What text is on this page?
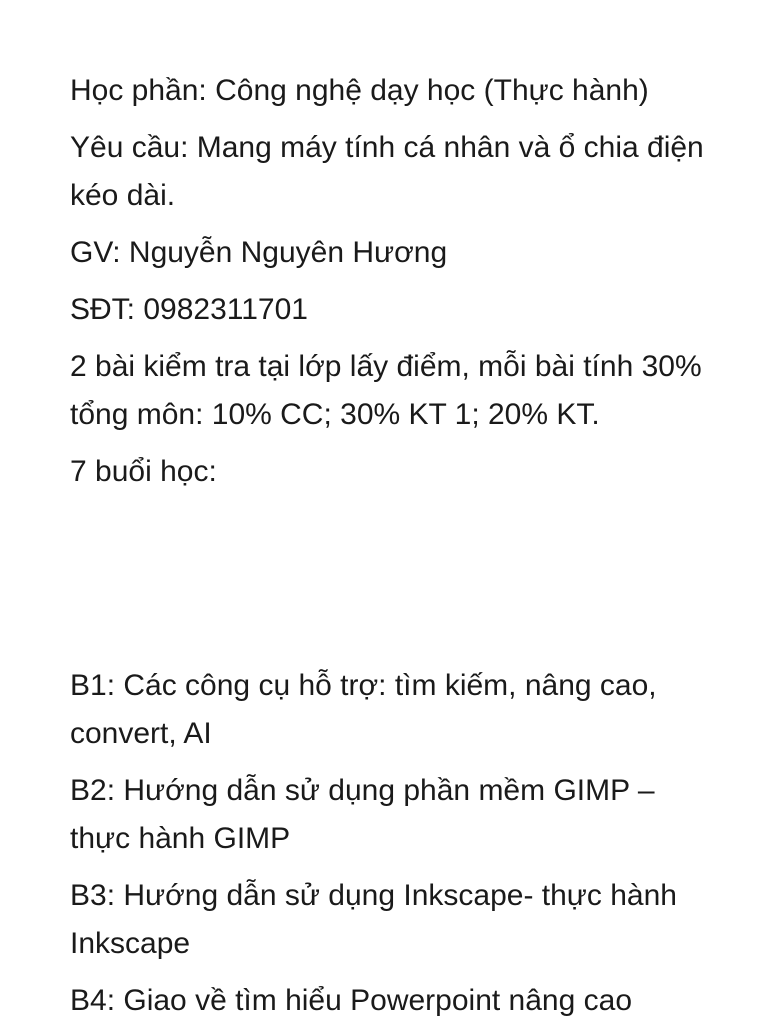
Học phần: Công nghệ dạy học (Thực hành)

Yêu cầu: Mang máy tính cá nhân và ổ chia điện kéo dài.

GV: Nguyễn Nguyên Hương

SĐT: 0982311701

2 bài kiểm tra tại lớp lấy điểm, mỗi bài tính 30% tổng môn: 10% CC; 30% KT 1; 20% KT.

7 buổi học:

B1: Các công cụ hỗ trợ: tìm kiếm, nâng cao, convert, AI

B2: Hướng dẫn sử dụng phần mềm GIMP – thực hành GIMP

B3: Hướng dẫn sử dụng Inkscape- thực hành Inkscape

B4: Giao về tìm hiểu Powerpoint nâng cao
